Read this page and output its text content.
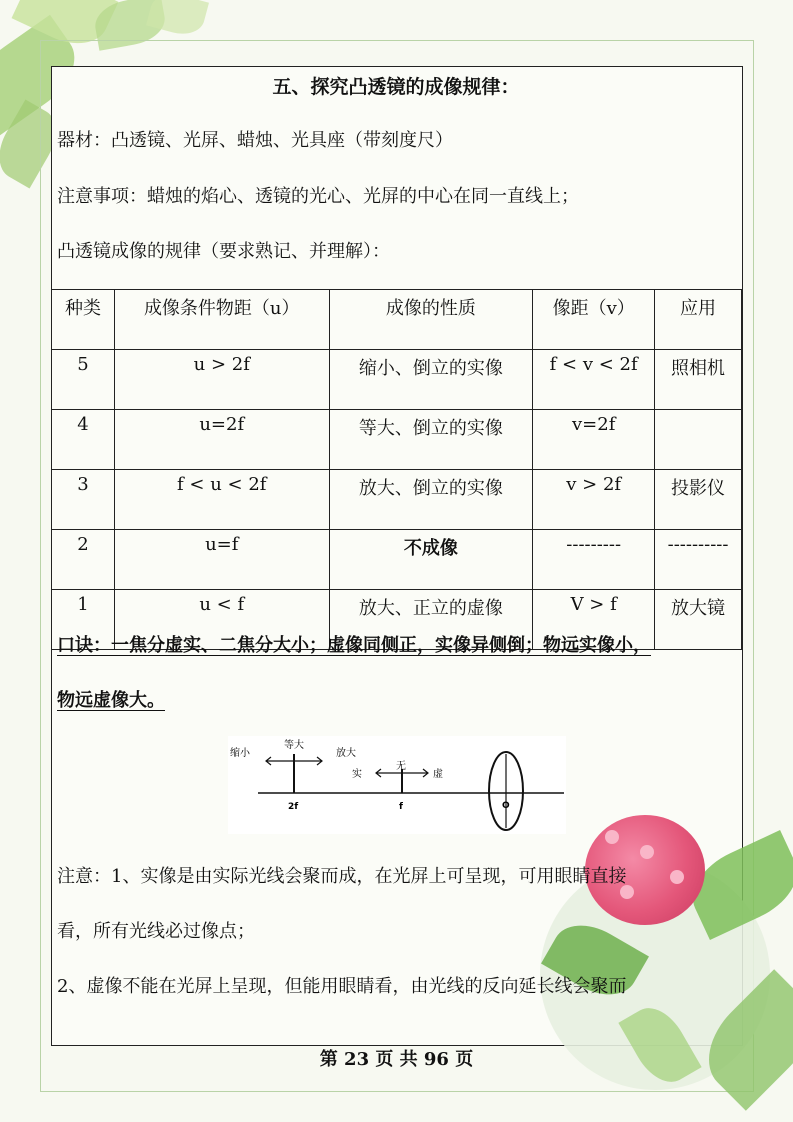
五、探究凸透镜的成像规律：
器材：凸透镜、光屏、蜡烛、光具座（带刻度尺）
注意事项：蜡烛的焰心、透镜的光心、光屏的中心在同一直线上；
凸透镜成像的规律（要求熟记、并理解）：
种类	成像条件物距（u）	成像的性质	像距（v）	应用
5	u > 2f	缩小、倒立的实像	f < v < 2f	照相机
4	u=2f	等大、倒立的实像	v=2f	
3	f < u < 2f	放大、倒立的实像	v > 2f	投影仪
2	u=f	不成像	---------	----------
1	u < f	放大、正立的虚像	V > f	放大镜
口诀：一焦分虚实、二焦分大小；虚像同侧正，实像异侧倒；物远实像小，
物远虚像大。
缩小
等大
放大
2f
实
无
虚
f	O
注意：1、实像是由实际光线会聚而成，在光屏上可呈现，可用眼睛直接
看，所有光线必过像点；
2、虚像不能在光屏上呈现，但能用眼睛看，由光线的反向延长线会聚而
第 23 页 共 96 页
